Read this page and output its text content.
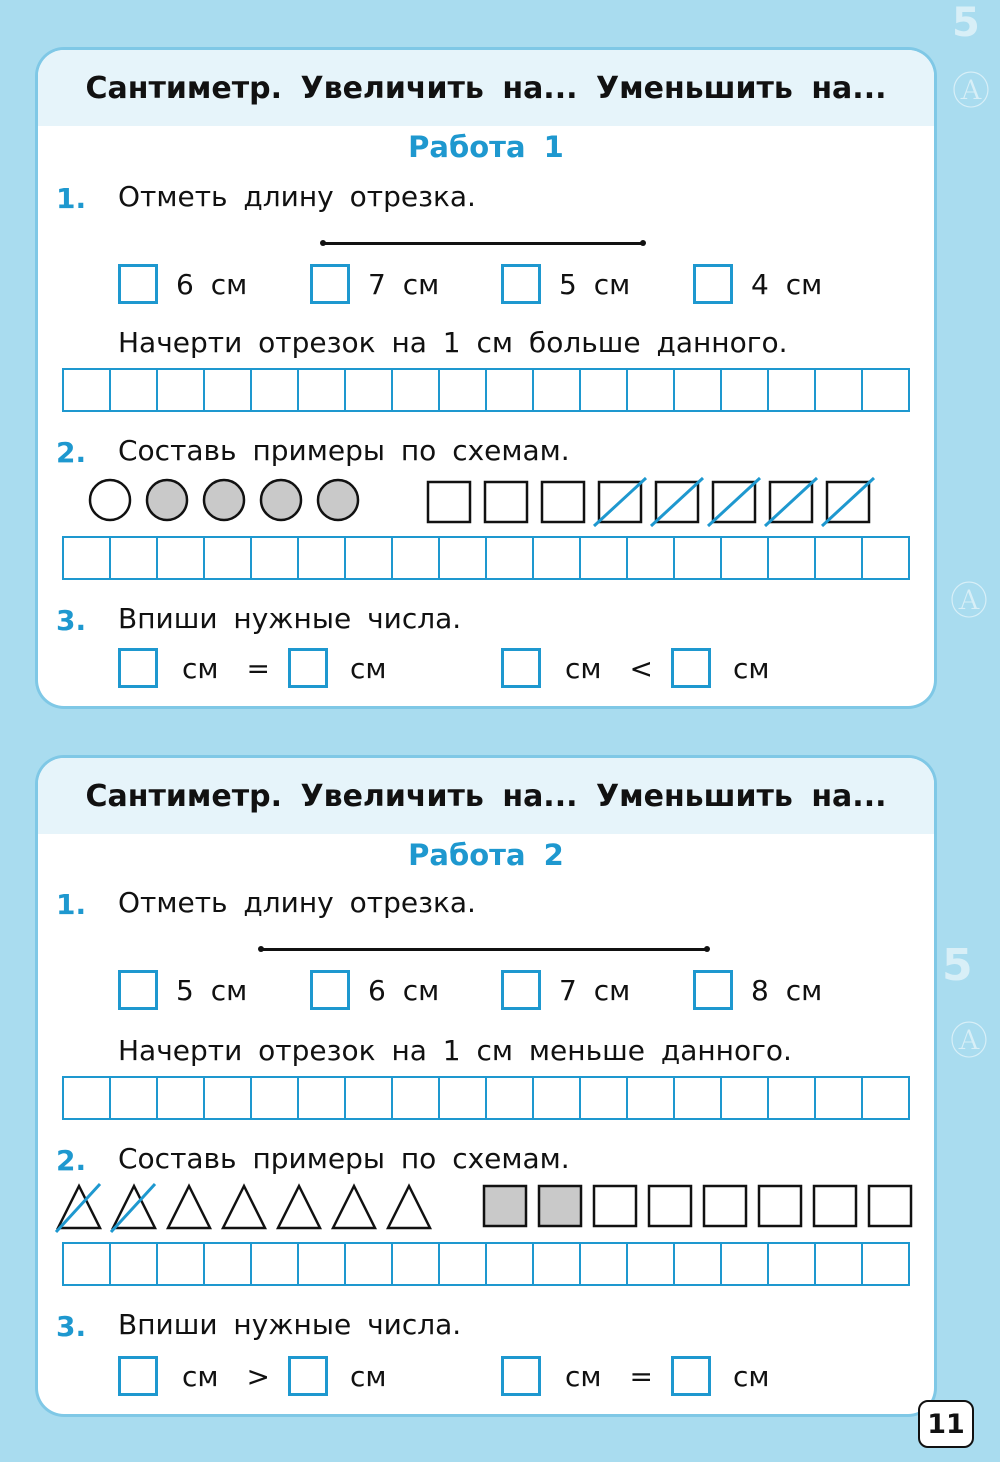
5
Ⓐ
5
Ⓐ
Ⓐ
Сантиметр. Увеличить на... Уменьшить на...
Работа 1
1. Отметь длину отрезка.
6 см	7 см	5 см	4 см
Начерти отрезок на 1 см больше данного.
2. Составь примеры по схемам.
3. Впиши нужные числа.
см =	см	см <	см
Сантиметр. Увеличить на... Уменьшить на...
Работа 2
1. Отметь длину отрезка.
5 см	6 см	7 см	8 см
Начерти отрезок на 1 см меньше данного.
2. Составь примеры по схемам.
3. Впиши нужные числа.
см >	см	см =	см
11
